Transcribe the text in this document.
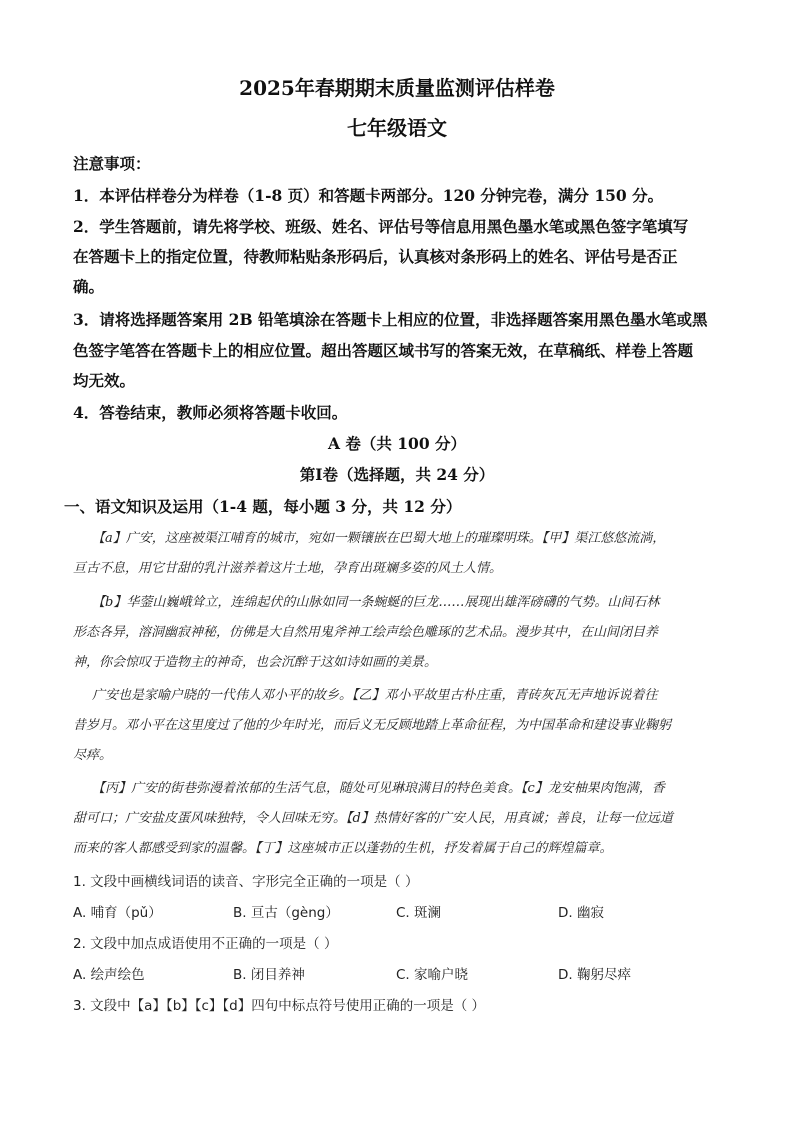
2025年春期期末质量监测评估样卷
七年级语文
注意事项：
1．本评估样卷分为样卷（1-8 页）和答题卡两部分。120 分钟完卷，满分 150 分。
2．学生答题前，请先将学校、班级、姓名、评估号等信息用黑色墨水笔或黑色签字笔填写
在答题卡上的指定位置，待教师粘贴条形码后，认真核对条形码上的姓名、评估号是否正
确。
3．请将选择题答案用 2B 铅笔填涂在答题卡上相应的位置，非选择题答案用黑色墨水笔或黑
色签字笔答在答题卡上的相应位置。超出答题区域书写的答案无效，在草稿纸、样卷上答题
均无效。
4．答卷结束，教师必须将答题卡收回。
A 卷（共 100 分）
第Ⅰ卷（选择题，共 24 分）
一、语文知识及运用（1-4 题，每小题 3 分，共 12 分）
【a】广安，这座被渠江哺育的城市，宛如一颗镶嵌在巴蜀大地上的璀璨明珠。【甲】渠江悠悠流淌，
亘古不息，用它甘甜的乳汁滋养着这片土地，孕育出斑斓多姿的风土人情。
【b】华蓥山巍峨耸立，连绵起伏的山脉如同一条蜿蜒的巨龙……展现出雄浑磅礴的气势。山间石林
形态各异，溶洞幽寂神秘，仿佛是大自然用鬼斧神工绘声绘色雕琢的艺术品。漫步其中，在山间闭目养
神，你会惊叹于造物主的神奇，也会沉醉于这如诗如画的美景。
广安也是家喻户晓的一代伟人邓小平的故乡。【乙】邓小平故里古朴庄重，青砖灰瓦无声地诉说着往
昔岁月。邓小平在这里度过了他的少年时光，而后义无反顾地踏上革命征程，为中国革命和建设事业鞠躬
尽瘁。
【丙】广安的街巷弥漫着浓郁的生活气息，随处可见琳琅满目的特色美食。【c】龙安柚果肉饱满，香
甜可口；广安盐皮蛋风味独特，令人回味无穷。【d】热情好客的广安人民，用真诚；善良，让每一位远道
而来的客人都感受到家的温馨。【丁】这座城市正以蓬勃的生机，抒发着属于自己的辉煌篇章。
1. 文段中画横线词语的读音、字形完全正确的一项是（ ）
A. 哺育（pǔ）	B. 亘古（gèng）	C. 斑澜	D. 幽寂
2. 文段中加点成语使用不正确的一项是（ ）
A. 绘声绘色	B. 闭目养神	C. 家喻户晓	D. 鞠躬尽瘁
3. 文段中【a】【b】【c】【d】四句中标点符号使用正确的一项是（ ）
